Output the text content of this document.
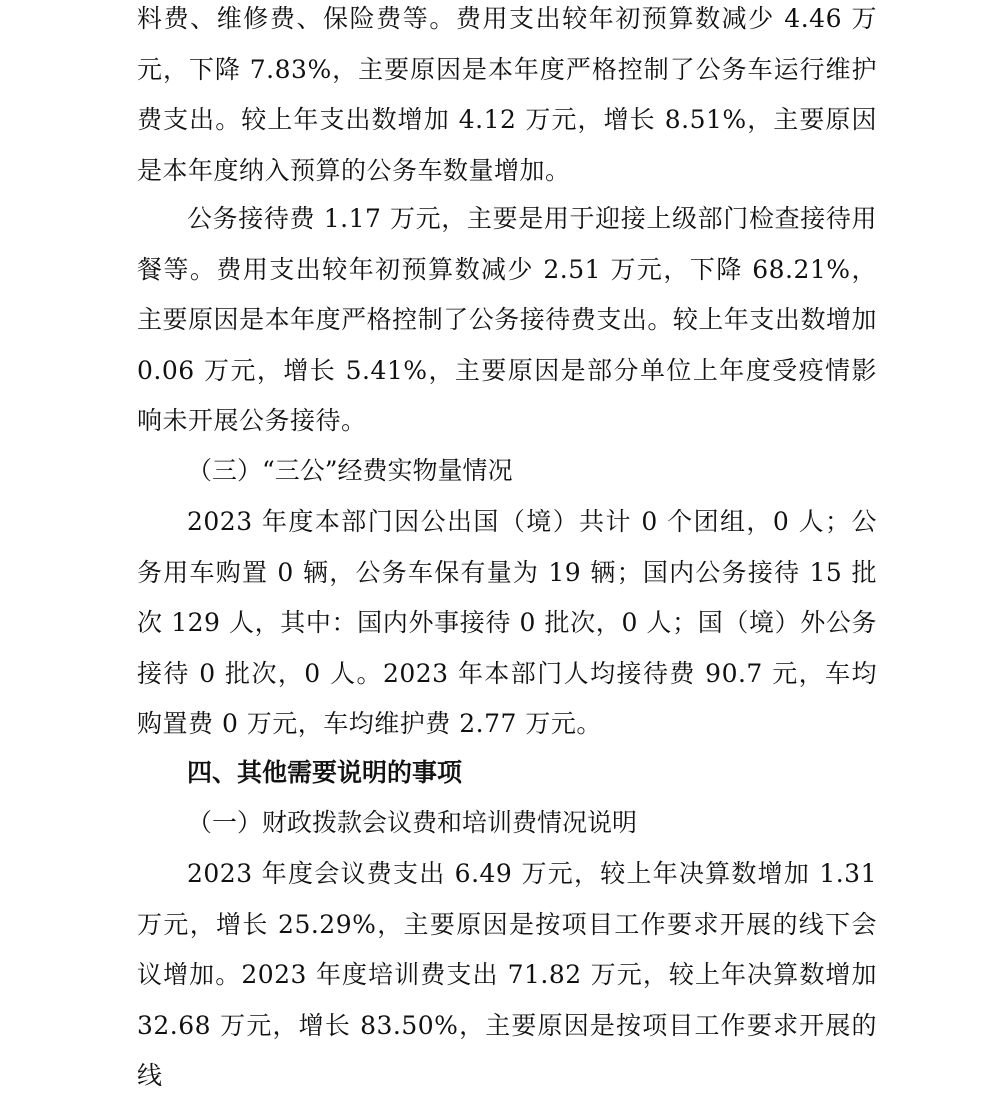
料费、维修费、保险费等。费用支出较年初预算数减少 4.46 万元，下降 7.83%，主要原因是本年度严格控制了公务车运行维护费支出。较上年支出数增加 4.12 万元，增长 8.51%，主要原因是本年度纳入预算的公务车数量增加。

公务接待费 1.17 万元，主要是用于迎接上级部门检查接待用餐等。费用支出较年初预算数减少 2.51 万元，下降 68.21%，主要原因是本年度严格控制了公务接待费支出。较上年支出数增加 0.06 万元，增长 5.41%，主要原因是部分单位上年度受疫情影响未开展公务接待。

（三）“三公”经费实物量情况

2023 年度本部门因公出国（境）共计 0 个团组，0 人；公务用车购置 0 辆，公务车保有量为 19 辆；国内公务接待 15 批次 129 人，其中：国内外事接待 0 批次，0 人；国（境）外公务接待 0 批次，0 人。2023 年本部门人均接待费 90.7 元，车均购置费 0 万元，车均维护费 2.77 万元。

四、其他需要说明的事项

（一）财政拨款会议费和培训费情况说明

2023 年度会议费支出 6.49 万元，较上年决算数增加 1.31 万元，增长 25.29%，主要原因是按项目工作要求开展的线下会议增加。2023 年度培训费支出 71.82 万元，较上年决算数增加 32.68 万元，增长 83.50%，主要原因是按项目工作要求开展的线
